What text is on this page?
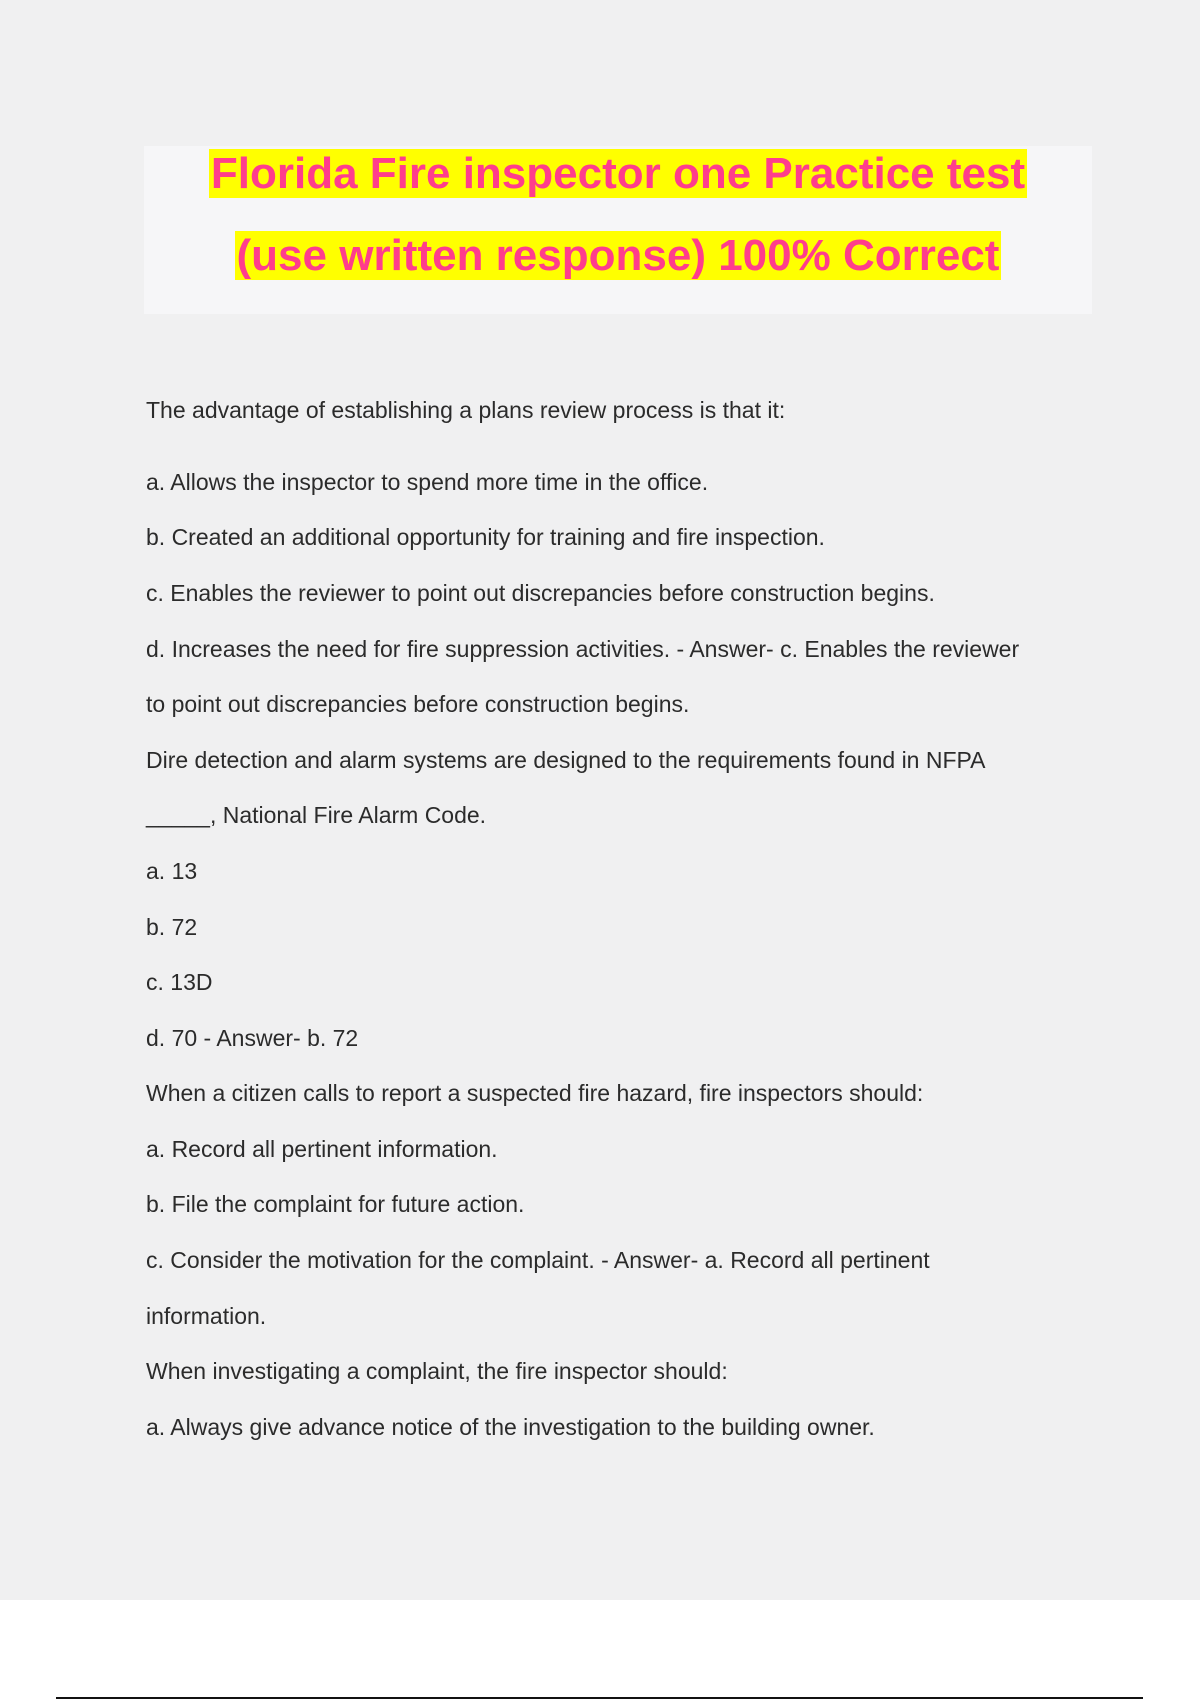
Florida Fire inspector one Practice test
(use written response) 100% Correct
The advantage of establishing a plans review process is that it:
a. Allows the inspector to spend more time in the office.
b. Created an additional opportunity for training and fire inspection.
c. Enables the reviewer to point out discrepancies before construction begins.
d. Increases the need for fire suppression activities. - Answer- c. Enables the reviewer
to point out discrepancies before construction begins.
Dire detection and alarm systems are designed to the requirements found in NFPA
_____, National Fire Alarm Code.
a. 13
b. 72
c. 13D
d. 70 - Answer- b. 72
When a citizen calls to report a suspected fire hazard, fire inspectors should:
a. Record all pertinent information.
b. File the complaint for future action.
c. Consider the motivation for the complaint. - Answer- a. Record all pertinent
information.
When investigating a complaint, the fire inspector should:
a. Always give advance notice of the investigation to the building owner.
